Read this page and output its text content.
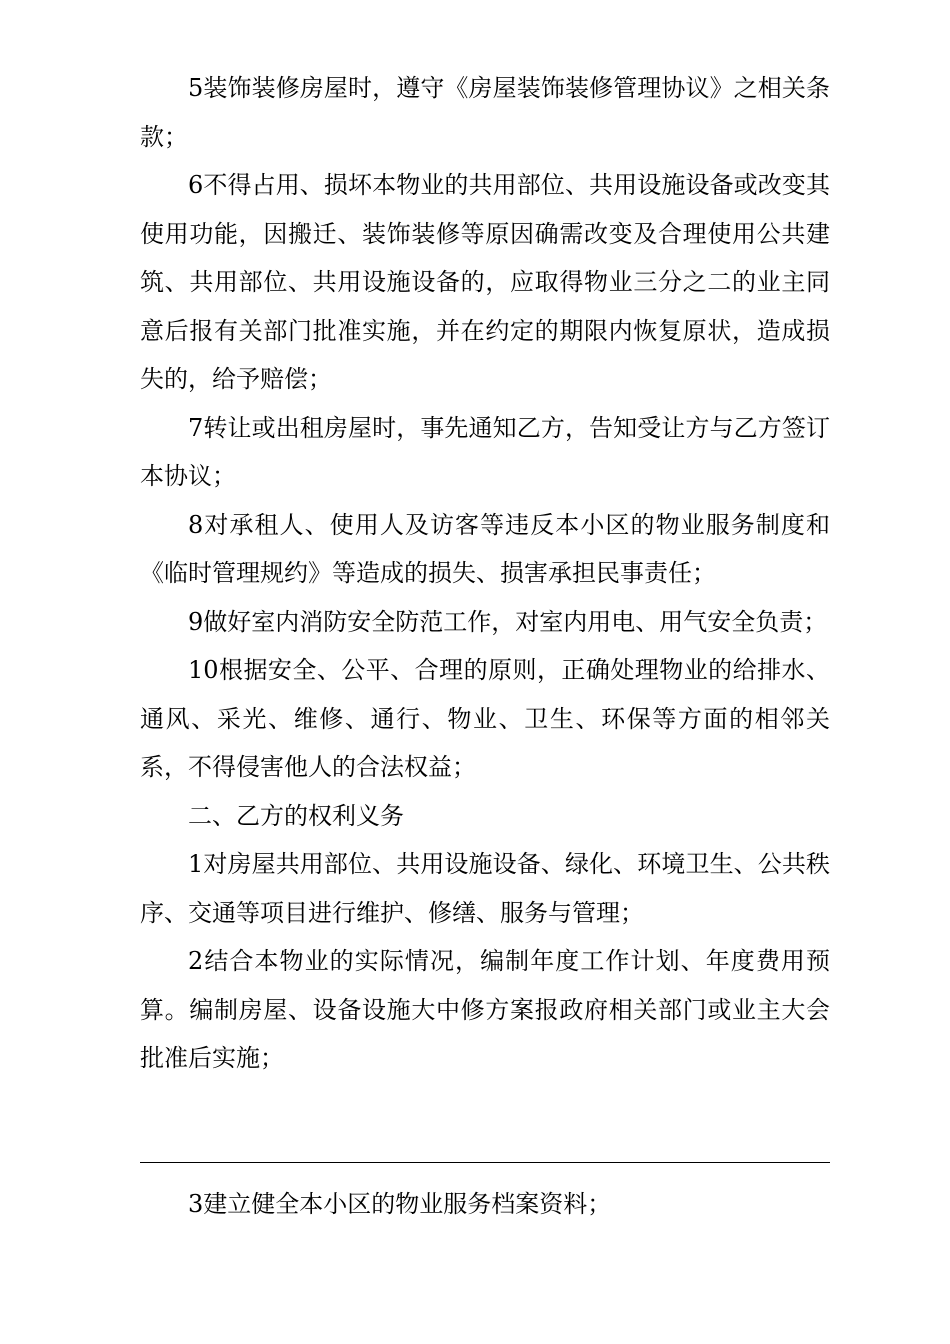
5装饰装修房屋时，遵守《房屋装饰装修管理协议》之相关条款；

6不得占用、损坏本物业的共用部位、共用设施设备或改变其使用功能，因搬迁、装饰装修等原因确需改变及合理使用公共建筑、共用部位、共用设施设备的，应取得物业三分之二的业主同意后报有关部门批准实施，并在约定的期限内恢复原状，造成损失的，给予赔偿；

7转让或出租房屋时，事先通知乙方，告知受让方与乙方签订本协议；

8对承租人、使用人及访客等违反本小区的物业服务制度和《临时管理规约》等造成的损失、损害承担民事责任；

9做好室内消防安全防范工作，对室内用电、用气安全负责；

10根据安全、公平、合理的原则，正确处理物业的给排水、通风、采光、维修、通行、物业、卫生、环保等方面的相邻关系，不得侵害他人的合法权益；

二、乙方的权利义务

1对房屋共用部位、共用设施设备、绿化、环境卫生、公共秩序、交通等项目进行维护、修缮、服务与管理；

2结合本物业的实际情况，编制年度工作计划、年度费用预算。编制房屋、设备设施大中修方案报政府相关部门或业主大会批准后实施；

3建立健全本小区的物业服务档案资料；
